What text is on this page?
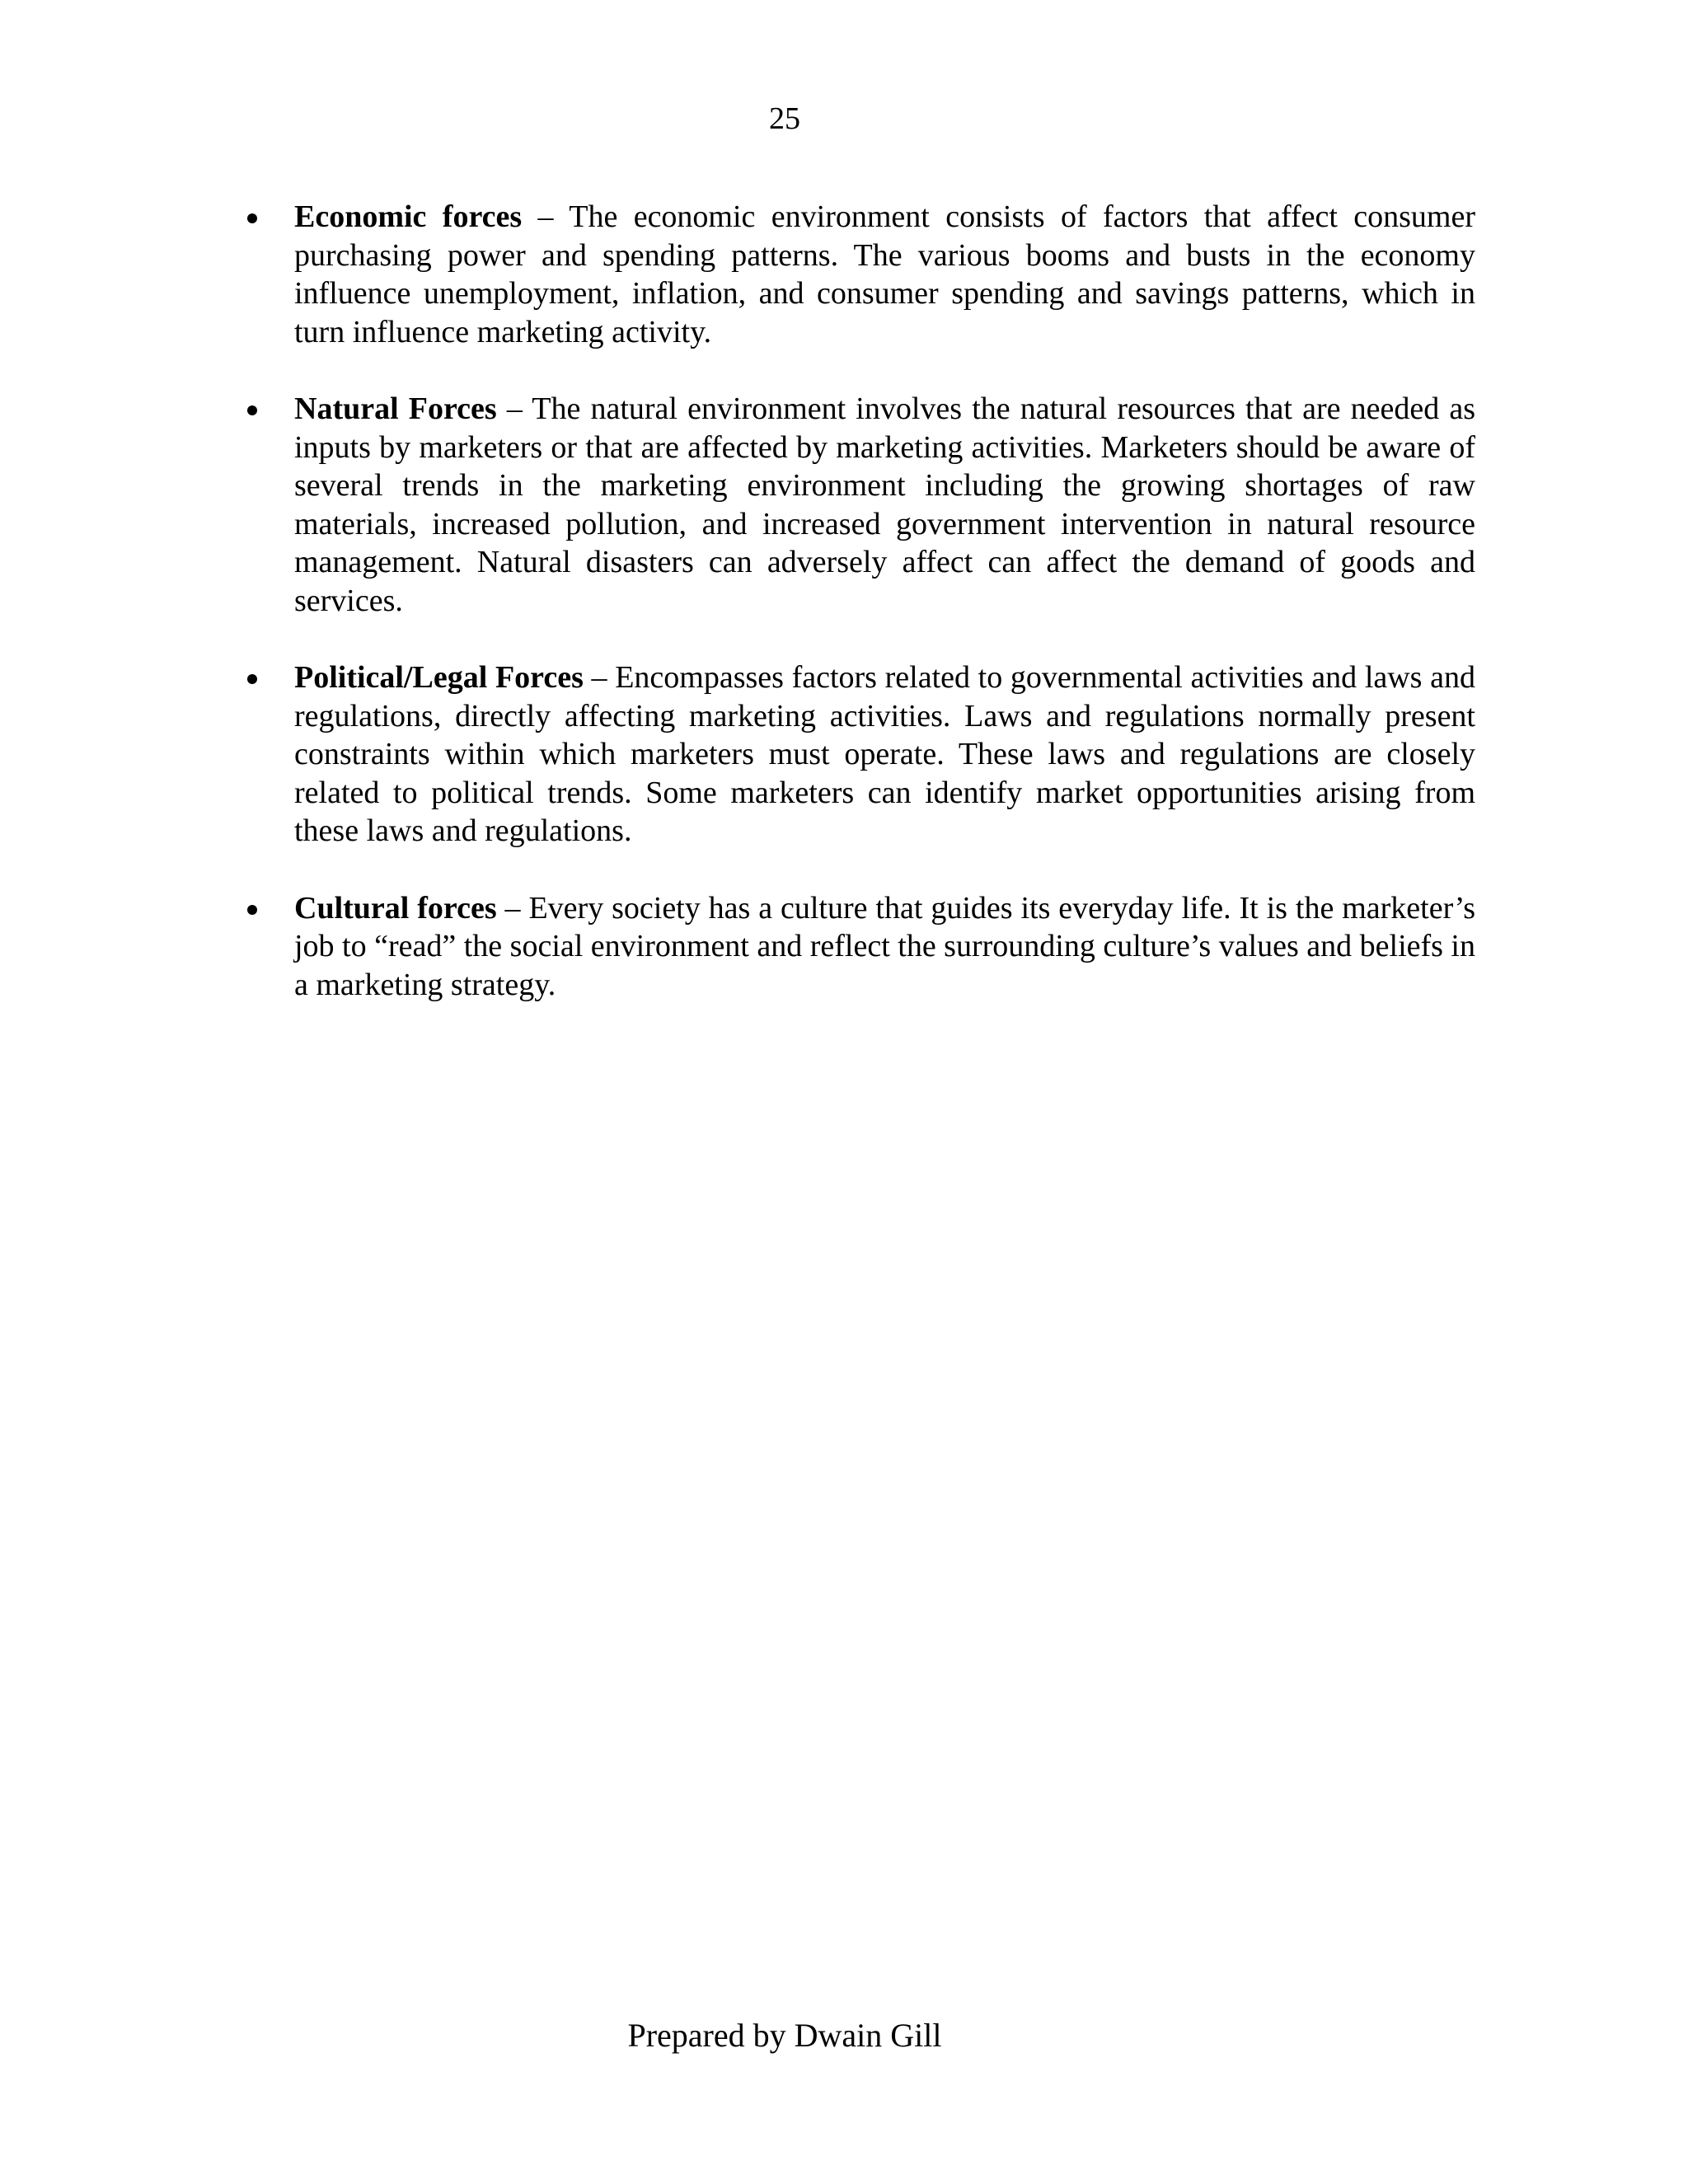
25
Economic forces – The economic environment consists of factors that affect consumer purchasing power and spending patterns. The various booms and busts in the economy influence unemployment, inflation, and consumer spending and savings patterns, which in turn influence marketing activity.
Natural Forces – The natural environment involves the natural resources that are needed as inputs by marketers or that are affected by marketing activities. Marketers should be aware of several trends in the marketing environment including the growing shortages of raw materials, increased pollution, and increased government intervention in natural resource management. Natural disasters can adversely affect can affect the demand of goods and services.
Political/Legal Forces – Encompasses factors related to governmental activities and laws and regulations, directly affecting marketing activities. Laws and regulations normally present constraints within which marketers must operate. These laws and regulations are closely related to political trends. Some marketers can identify market opportunities arising from these laws and regulations.
Cultural forces – Every society has a culture that guides its everyday life. It is the marketer’s job to “read” the social environment and reflect the surrounding culture’s values and beliefs in a marketing strategy.
Prepared by Dwain Gill
